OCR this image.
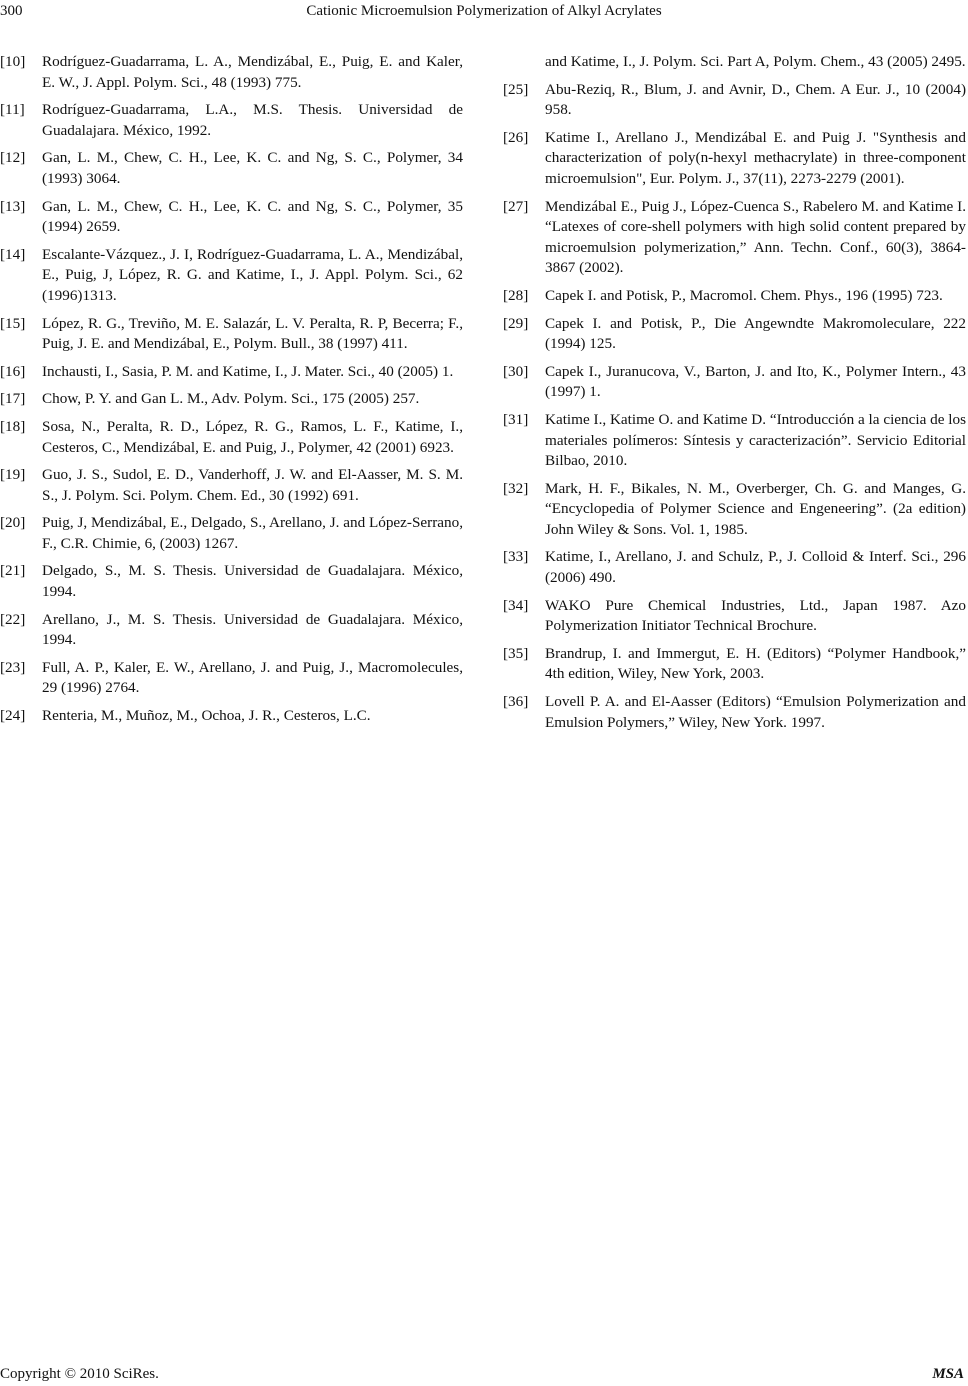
300	Cationic Microemulsion Polymerization of Alkyl Acrylates
[10]	Rodríguez-Guadarrama, L. A., Mendizábal, E., Puig, E. and Kaler, E. W., J. Appl. Polym. Sci., 48 (1993) 775.
[11]	Rodríguez-Guadarrama, L.A., M.S. Thesis. Universidad de Guadalajara. México, 1992.
[12]	Gan, L. M., Chew, C. H., Lee, K. C. and Ng, S. C., Polymer, 34 (1993) 3064.
[13]	Gan, L. M., Chew, C. H., Lee, K. C. and Ng, S. C., Polymer, 35 (1994) 2659.
[14]	Escalante-Vázquez., J. I, Rodríguez-Guadarrama, L. A., Mendizábal, E., Puig, J, López, R. G. and Katime, I., J. Appl. Polym. Sci., 62 (1996)1313.
[15]	López, R. G., Treviño, M. E. Salazár, L. V. Peralta, R. P, Becerra; F., Puig, J. E. and Mendizábal, E., Polym. Bull., 38 (1997) 411.
[16]	Inchausti, I., Sasia, P. M. and Katime, I., J. Mater. Sci., 40 (2005) 1.
[17]	Chow, P. Y. and Gan L. M., Adv. Polym. Sci., 175 (2005) 257.
[18]	Sosa, N., Peralta, R. D., López, R. G., Ramos, L. F., Katime, I., Cesteros, C., Mendizábal, E. and Puig, J., Polymer, 42 (2001) 6923.
[19]	Guo, J. S., Sudol, E. D., Vanderhoff, J. W. and El-Aasser, M. S. M. S., J. Polym. Sci. Polym. Chem. Ed., 30 (1992) 691.
[20]	Puig, J, Mendizábal, E., Delgado, S., Arellano, J. and López-Serrano, F., C.R. Chimie, 6, (2003) 1267.
[21]	Delgado, S., M. S. Thesis. Universidad de Guadalajara. México, 1994.
[22]	Arellano, J., M. S. Thesis. Universidad de Guadalajara. México, 1994.
[23]	Full, A. P., Kaler, E. W., Arellano, J. and Puig, J., Macromolecules, 29 (1996) 2764.
[24]	Renteria, M., Muñoz, M., Ochoa, J. R., Cesteros, L.C.
and Katime, I., J. Polym. Sci. Part A, Polym. Chem., 43 (2005) 2495.
[25]	Abu-Reziq, R., Blum, J. and Avnir, D., Chem. A Eur. J., 10 (2004) 958.
[26]	Katime I., Arellano J., Mendizábal E. and Puig J. "Synthesis and characterization of poly(n-hexyl methacrylate) in three-component microemulsion", Eur. Polym. J., 37(11), 2273-2279 (2001).
[27]	Mendizábal E., Puig J., López-Cuenca S., Rabelero M. and Katime I. “Latexes of core-shell polymers with high solid content prepared by microemulsion polymerization,” Ann. Techn. Conf., 60(3), 3864-3867 (2002).
[28]	Capek I. and Potisk, P., Macromol. Chem. Phys., 196 (1995) 723.
[29]	Capek I. and Potisk, P., Die Angewndte Makromoleculare, 222 (1994) 125.
[30]	Capek I., Juranucova, V., Barton, J. and Ito, K., Polymer Intern., 43 (1997) 1.
[31]	Katime I., Katime O. and Katime D. “Introducción a la ciencia de los materiales polímeros: Síntesis y caracterización”. Servicio Editorial Bilbao, 2010.
[32]	Mark, H. F., Bikales, N. M., Overberger, Ch. G. and Manges, G. “Encyclopedia of Polymer Science and Engeneering”. (2a edition) John Wiley & Sons. Vol. 1, 1985.
[33]	Katime, I., Arellano, J. and Schulz, P., J. Colloid & Interf. Sci., 296 (2006) 490.
[34]	WAKO Pure Chemical Industries, Ltd., Japan 1987. Azo Polymerization Initiator Technical Brochure.
[35]	Brandrup, I. and Immergut, E. H. (Editors) “Polymer Handbook,” 4th edition, Wiley, New York, 2003.
[36]	Lovell P. A. and El-Aasser (Editors) “Emulsion Polymerization and Emulsion Polymers,” Wiley, New York. 1997.
Copyright © 2010 SciRes.	MSA
